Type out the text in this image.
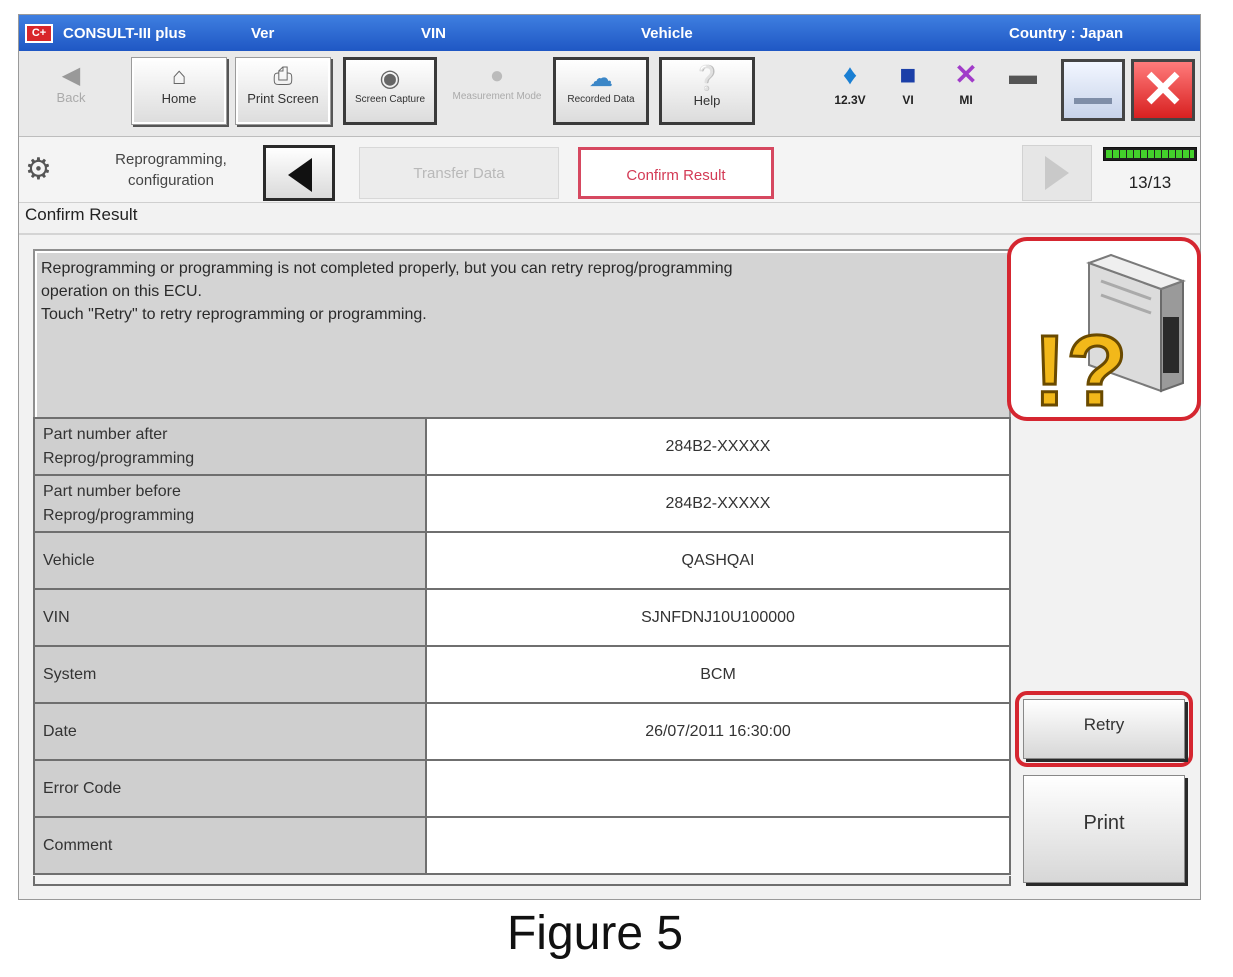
C+	CONSULT-III plus	Ver	VIN	Vehicle	Country : Japan
◀
Back
⌂
Home
⎙
Print Screen
◉
Screen Capture
●
Measurement Mode
☁
Recorded Data
❔
Help
♦
12.3V
■
VI
✕
MI
▬ ✕
⚙	Reprogramming,
configuration	Transfer Data	Confirm Result	13/13
Confirm Result
Reprogramming or programming is not completed properly, but you can retry reprog/programming
operation on this ECU.
Touch "Retry" to retry reprogramming or programming.
!?
Part number after
Reprog/programming	284B2-XXXXX

Part number before
Reprog/programming	284B2-XXXXX

Vehicle	QASHQAI

VIN	SJNFDNJ10U100000

System	BCM

Date	26/07/2011 16:30:00

Error Code	

Comment	

Retry
Print
Figure 5
